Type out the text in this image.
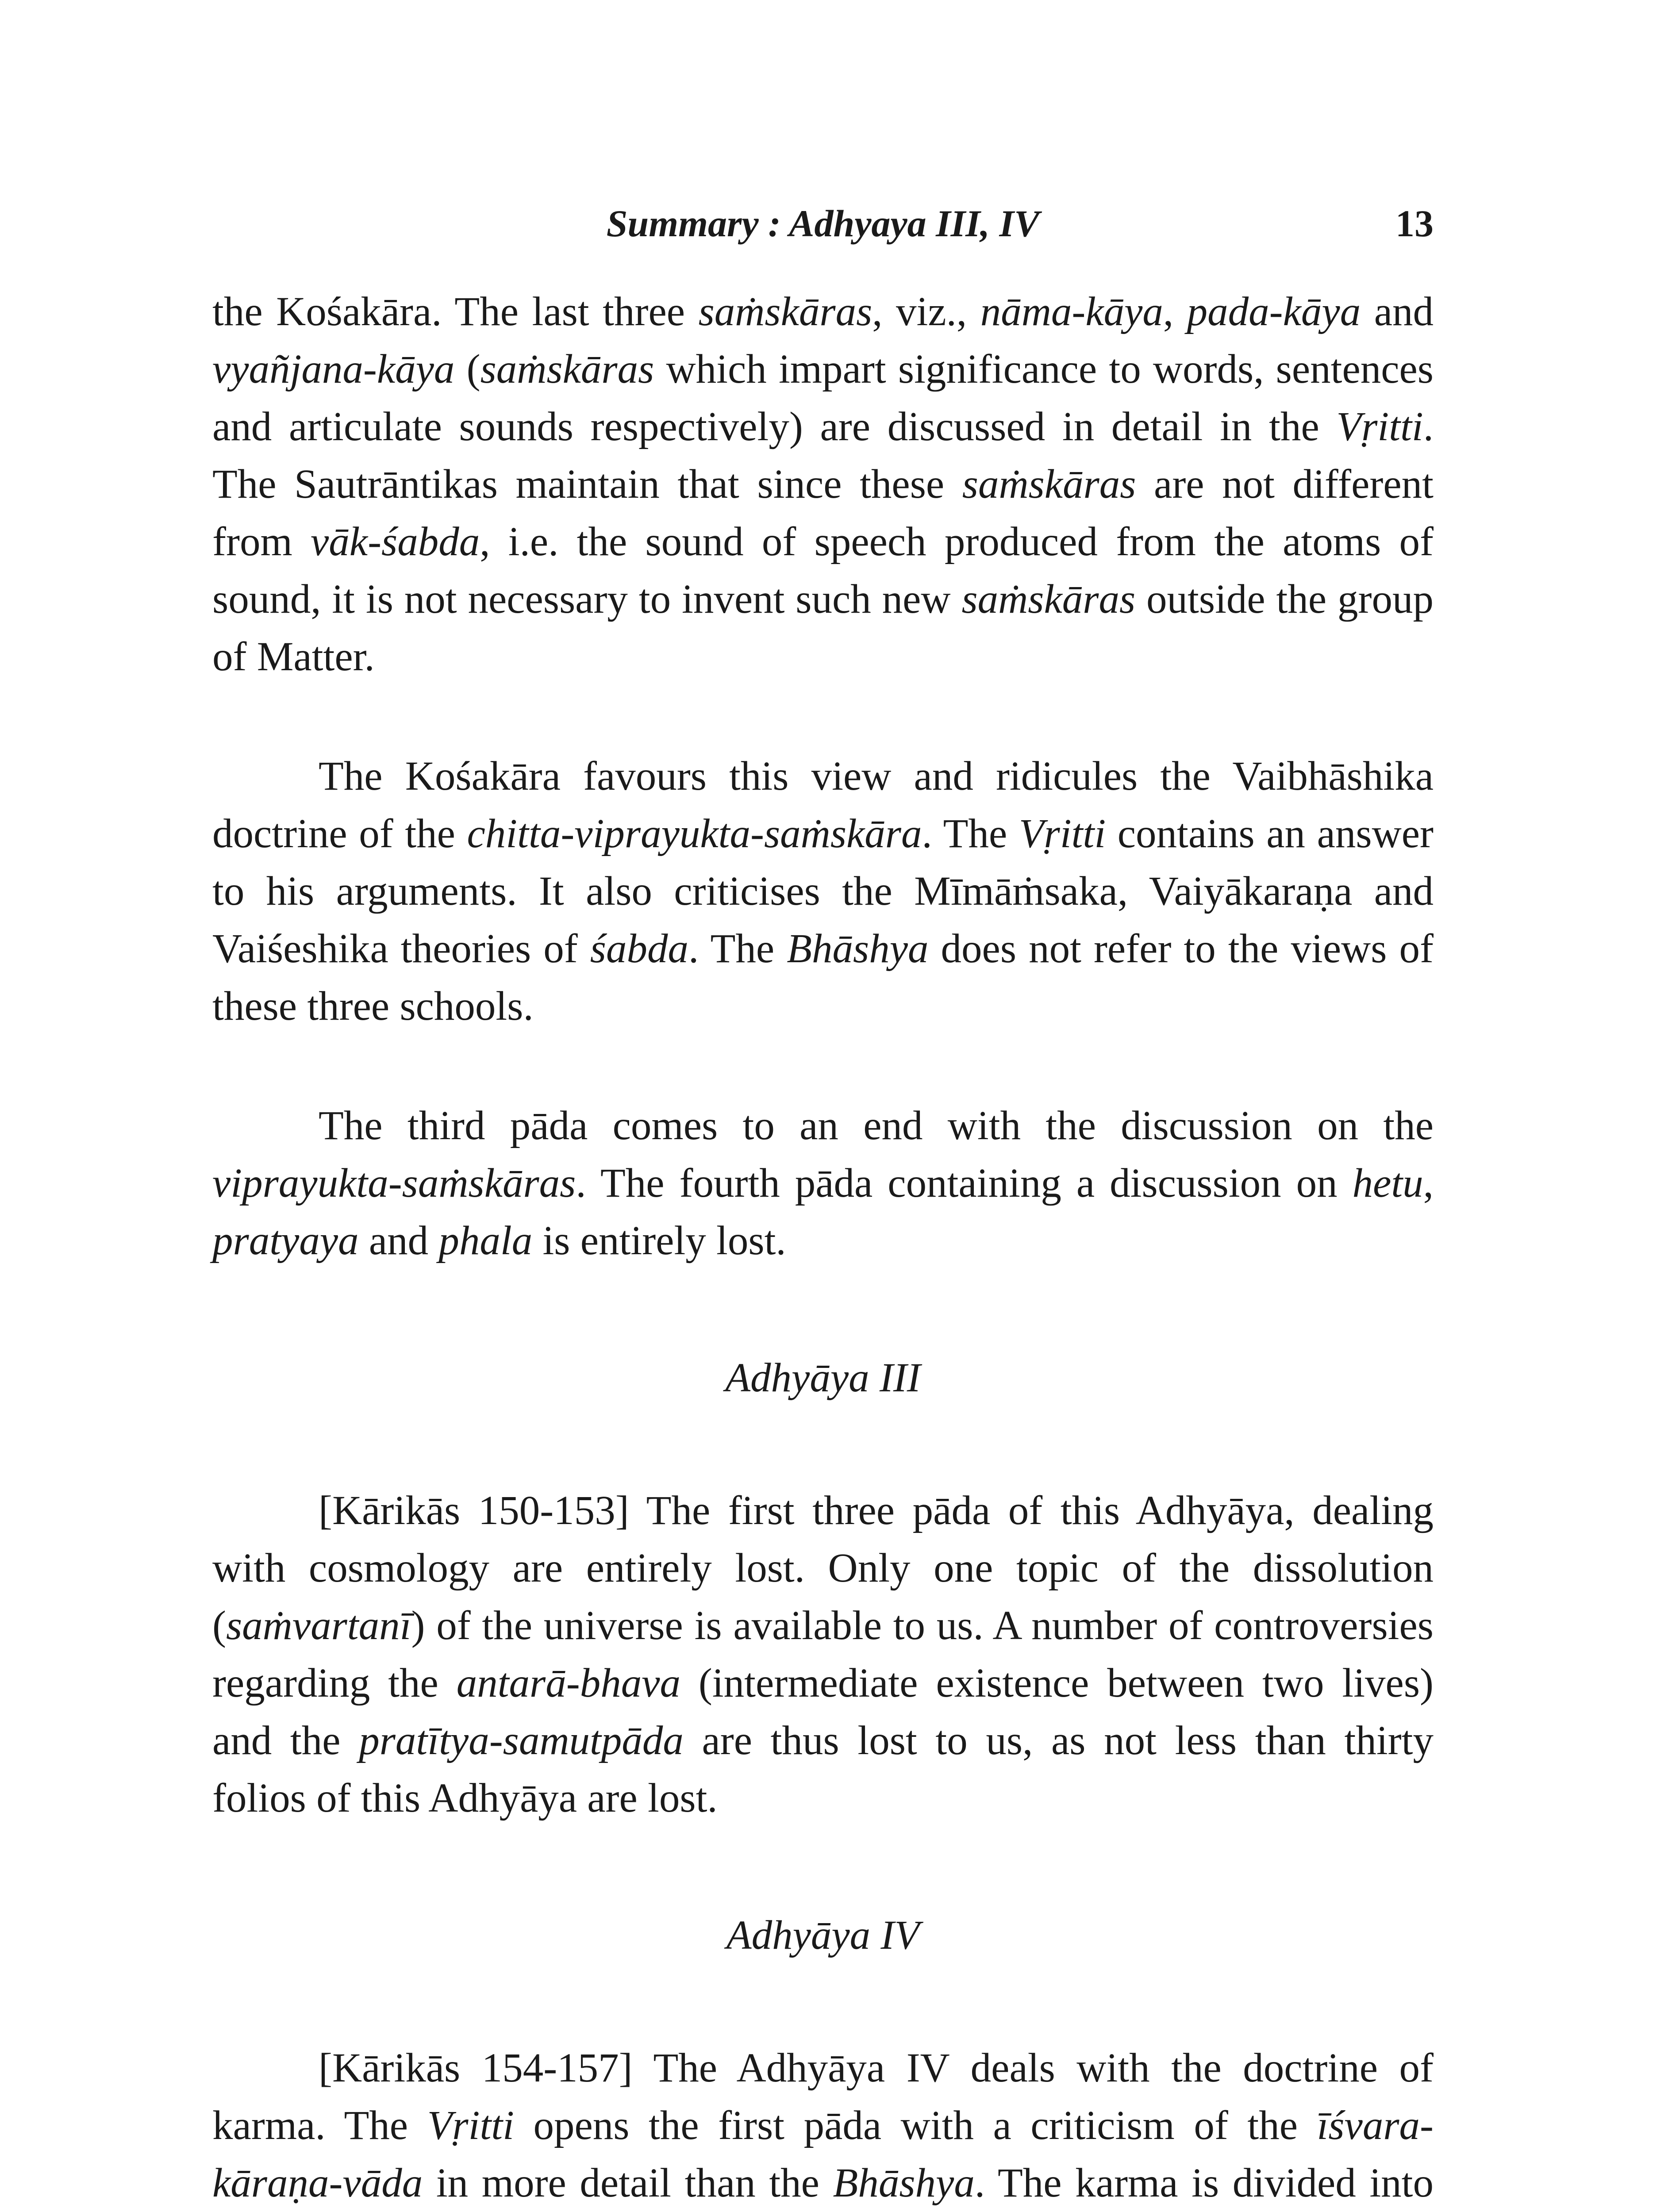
Summary : Adhyaya III, IV	13

the Kośakāra. The last three saṁskāras, viz., nāma-kāya, pada-kāya and vyañjana-kāya (saṁskāras which impart significance to words, sentences and articulate sounds respectively) are discussed in detail in the Vṛitti. The Sautrāntikas maintain that since these saṁskāras are not different from vāk-śabda, i.e. the sound of speech produced from the atoms of sound, it is not necessary to invent such new saṁskāras outside the group of Matter.

The Kośakāra favours this view and ridicules the Vaibhāshika doctrine of the chitta-viprayukta-saṁskāra. The Vṛitti contains an answer to his arguments. It also criticises the Mīmāṁsaka, Vaiyākaraṇa and Vaiśeshika theories of śabda. The Bhāshya does not refer to the views of these three schools.

The third pāda comes to an end with the discussion on the viprayukta-saṁskāras. The fourth pāda containing a discussion on hetu, pratyaya and phala is entirely lost.

Adhyāya III

[Kārikās 150-153] The first three pāda of this Adhyāya, dealing with cosmology are entirely lost. Only one topic of the dissolution (saṁvartanī) of the universe is available to us. A number of controversies regarding the antarā-bhava (intermediate existence between two lives) and the pratītya-samutpāda are thus lost to us, as not less than thirty folios of this Adhyāya are lost.

Adhyāya IV

[Kārikās 154-157] The Adhyāya IV deals with the doctrine of karma. The Vṛitti opens the first pāda with a criticism of the īśvara-kāraṇa-vāda in more detail than the Bhāshya. The karma is divided into
